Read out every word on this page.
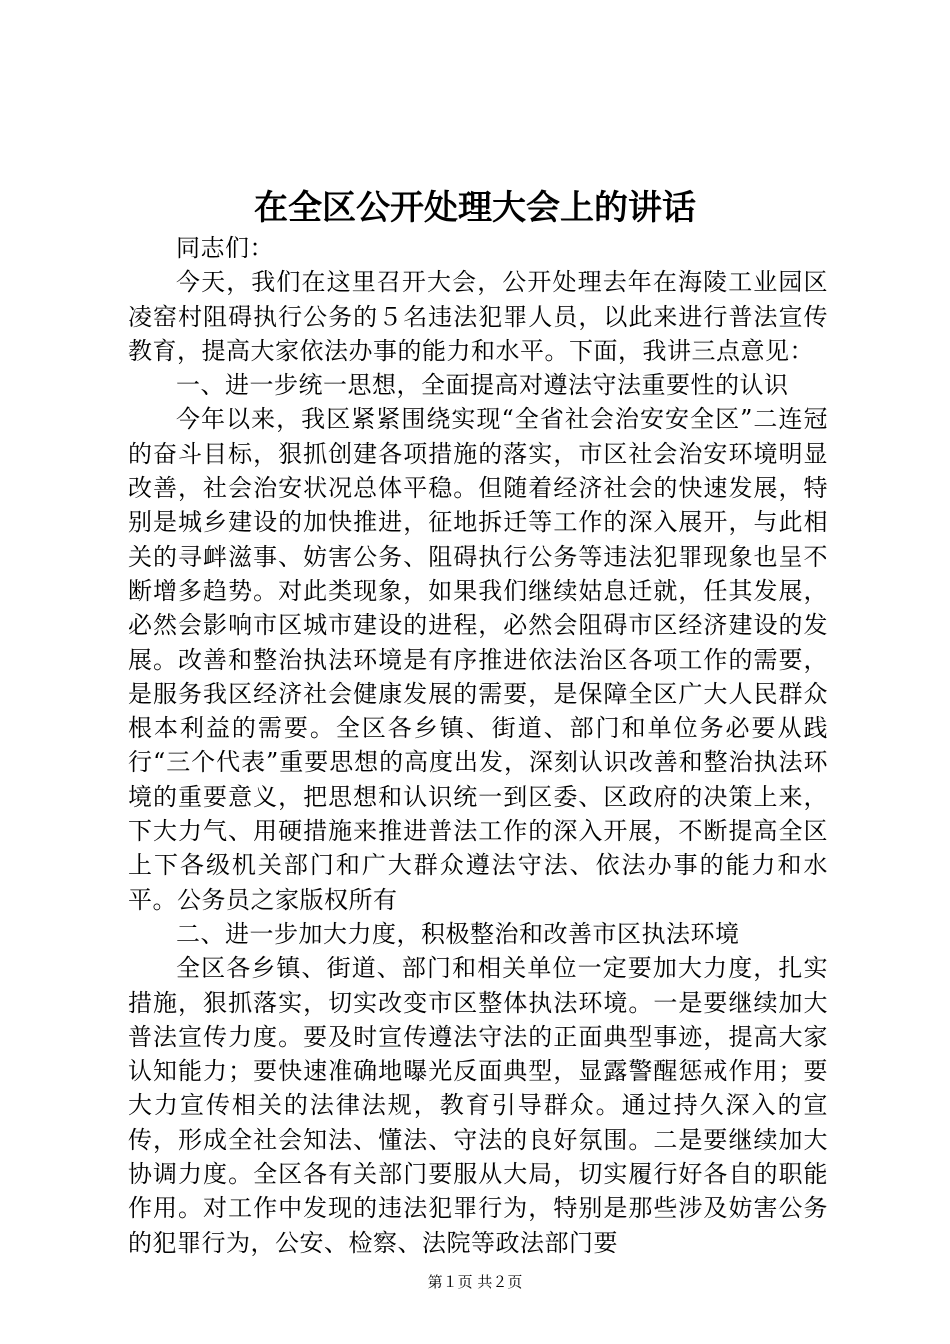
在全区公开处理大会上的讲话

同志们：

今天，我们在这里召开大会，公开处理去年在海陵工业园区凌窑村阻碍执行公务的５名违法犯罪人员，以此来进行普法宣传教育，提高大家依法办事的能力和水平。下面，我讲三点意见：

一、进一步统一思想，全面提高对遵法守法重要性的认识

今年以来，我区紧紧围绕实现“全省社会治安安全区”二连冠的奋斗目标，狠抓创建各项措施的落实，市区社会治安环境明显改善，社会治安状况总体平稳。但随着经济社会的快速发展，特别是城乡建设的加快推进，征地拆迁等工作的深入展开，与此相关的寻衅滋事、妨害公务、阻碍执行公务等违法犯罪现象也呈不断增多趋势。对此类现象，如果我们继续姑息迁就，任其发展，必然会影响市区城市建设的进程，必然会阻碍市区经济建设的发展。改善和整治执法环境是有序推进依法治区各项工作的需要，是服务我区经济社会健康发展的需要，是保障全区广大人民群众根本利益的需要。全区各乡镇、街道、部门和单位务必要从践行“三个代表”重要思想的高度出发，深刻认识改善和整治执法环境的重要意义，把思想和认识统一到区委、区政府的决策上来，下大力气、用硬措施来推进普法工作的深入开展，不断提高全区上下各级机关部门和广大群众遵法守法、依法办事的能力和水平。公务员之家版权所有

二、进一步加大力度，积极整治和改善市区执法环境

全区各乡镇、街道、部门和相关单位一定要加大力度，扎实措施，狠抓落实，切实改变市区整体执法环境。一是要继续加大普法宣传力度。要及时宣传遵法守法的正面典型事迹，提高大家认知能力；要快速准确地曝光反面典型，显露警醒惩戒作用；要大力宣传相关的法律法规，教育引导群众。通过持久深入的宣传，形成全社会知法、懂法、守法的良好氛围。二是要继续加大协调力度。全区各有关部门要服从大局，切实履行好各自的职能作用。对工作中发现的违法犯罪行为，特别是那些涉及妨害公务的犯罪行为，公安、检察、法院等政法部门要

第１页 共２页
